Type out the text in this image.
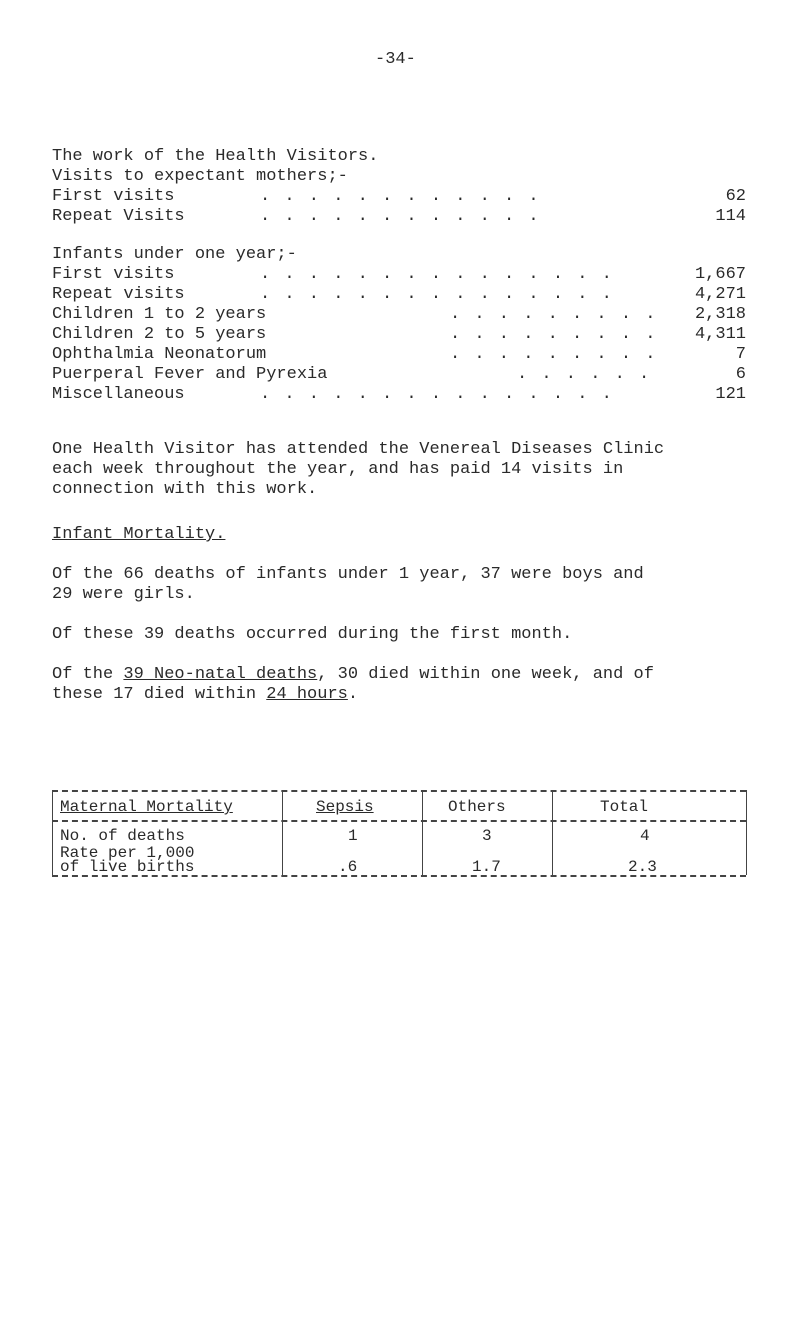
-34-
The work of the Health Visitors.
Visits to expectant mothers;-
First visits	. . . . . . . . . . . .	62
Repeat Visits	. . . . . . . . . . . .	114
Infants under one year;-
First visits	. . . . . . . . . . . . . . .	1,667
Repeat visits	. . . . . . . . . . . . . . .	4,271
Children 1 to 2 years	. . . . . . . . .	2,318
Children 2 to 5 years	. . . . . . . . .	4,311
Ophthalmia Neonatorum	. . . . . . . . .	7
Puerperal Fever and Pyrexia	. . . . . .	6
Miscellaneous	. . . . . . . . . . . . . . .	121
One Health Visitor has attended the Venereal Diseases Clinic
each week throughout the year, and has paid 14 visits in
connection with this work.
Infant Mortality.
Of the 66 deaths of infants under 1 year, 37 were boys and
29 were girls.
Of these 39 deaths occurred during the first month.
Of the 39 Neo-natal deaths, 30 died within one week, and of
these 17 died within 24 hours.
Maternal Mortality	Sepsis	Others	Total
No. of deaths	1	3	4
Rate per 1,000
of live births	.6	1.7	2.3
